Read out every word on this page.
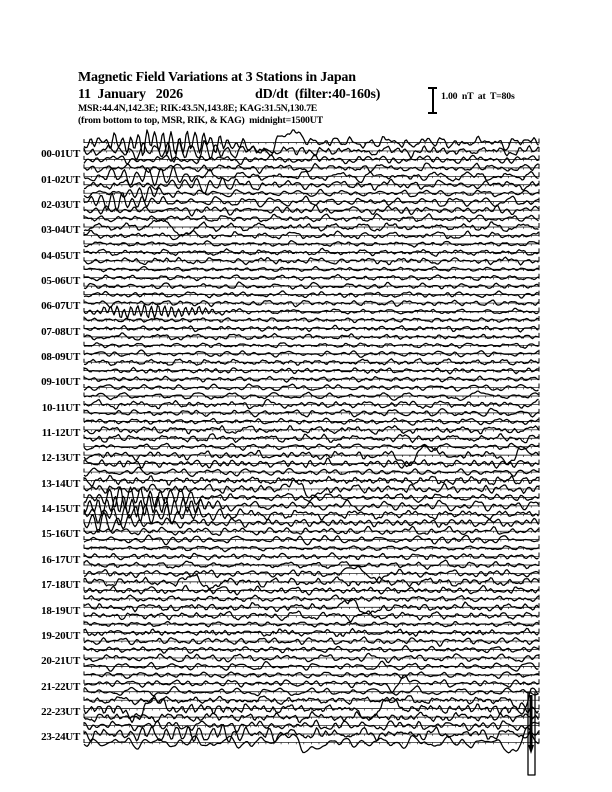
Magnetic Field Variations at 3 Stations in Japan
11  January   2026	dD/dt  (filter:40-160s)
MSR:44.4N,142.3E; RIK:43.5N,143.8E; KAG:31.5N,130.7E
(from bottom to top, MSR, RIK, & KAG)  midnight=1500UT
1.00  nT  at  T=80s
00-01UT
01-02UT
02-03UT
03-04UT
04-05UT
05-06UT
06-07UT
07-08UT
08-09UT
09-10UT
10-11UT
11-12UT
12-13UT
13-14UT
14-15UT
15-16UT
16-17UT
17-18UT
18-19UT
19-20UT
20-21UT
21-22UT
22-23UT
23-24UT
